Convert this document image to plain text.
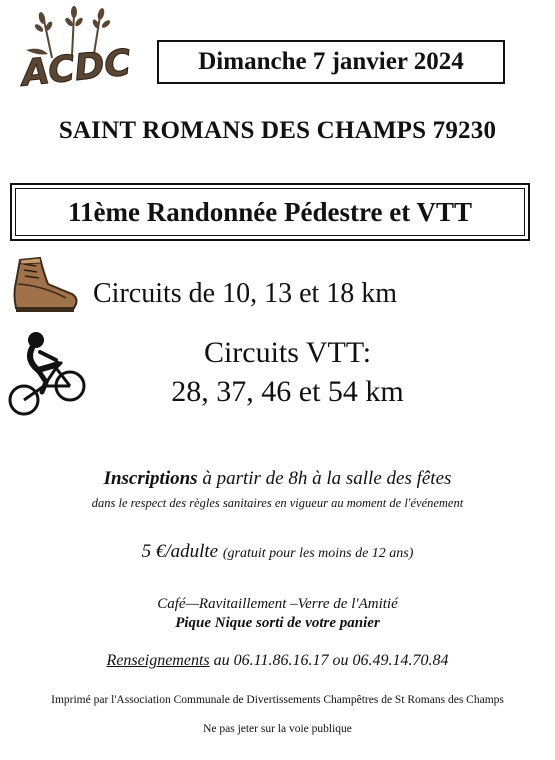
ACDC	Dimanche 7 janvier 2024
SAINT ROMANS DES CHAMPS 79230
11ème Randonnée Pédestre et VTT
Circuits de 10, 13 et 18 km
Circuits VTT:
28, 37, 46 et 54 km
Inscriptions à partir de 8h à la salle des fêtes
dans le respect des règles sanitaires en vigueur au moment de l'événement
5 €/adulte (gratuit pour les moins de 12 ans)
Café—Ravitaillement –Verre de l'Amitié
Pique Nique sorti de votre panier
Renseignements au 06.11.86.16.17 ou 06.49.14.70.84
Imprimé par l'Association Communale de Divertissements Champêtres de St Romans des Champs
Ne pas jeter sur la voie publique
